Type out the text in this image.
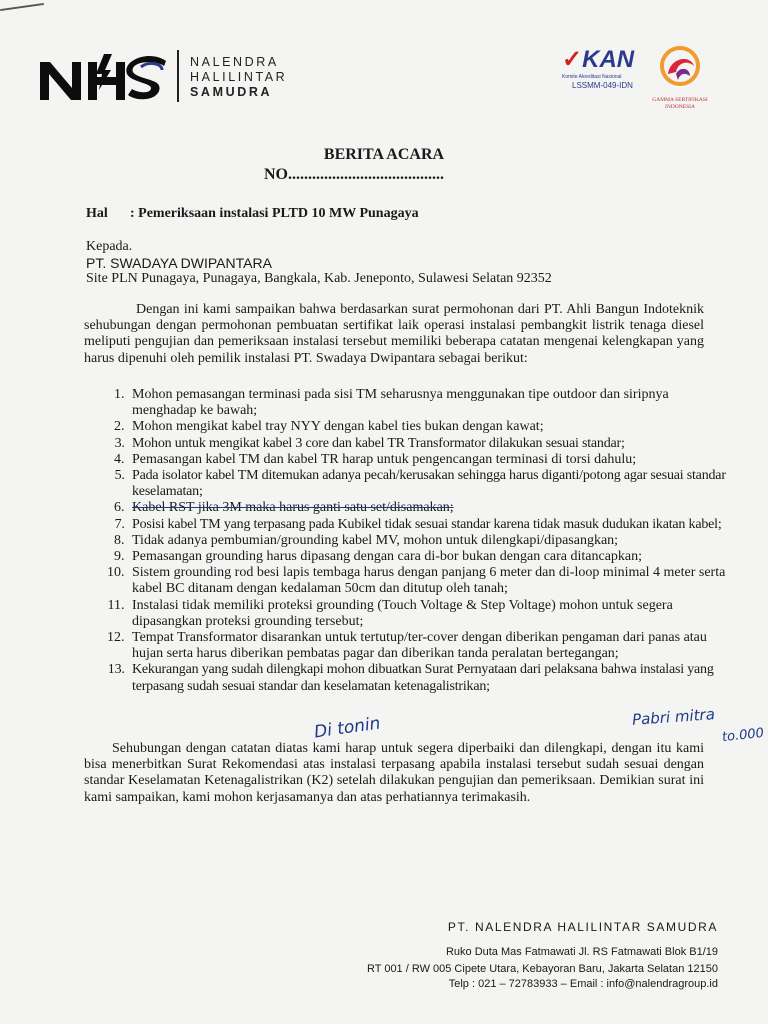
NALENDRA
HALILINTAR
SAMUDRA
✓KAN
Komite Akreditasi Nasional
LSSMM-049-IDN
GAMMA SERTIFIKASI
INDONESIA
BERITA ACARA
NO.......................................
Hal : Pemeriksaan instalasi PLTD 10 MW Punagaya
Kepada.
PT. SWADAYA DWIPANTARA
Site PLN Punagaya, Punagaya, Bangkala, Kab. Jeneponto, Sulawesi Selatan 92352
Dengan ini kami sampaikan bahwa berdasarkan surat permohonan dari PT. Ahli Bangun Indoteknik sehubungan dengan permohonan pembuatan sertifikat laik operasi instalasi pembangkit listrik tenaga diesel meliputi pengujian dan pemeriksaan instalasi tersebut memiliki beberapa catatan mengenai kelengkapan yang harus dipenuhi oleh pemilik instalasi PT. Swadaya Dwipantara sebagai berikut:
1. Mohon pemasangan terminasi pada sisi TM seharusnya menggunakan tipe outdoor dan siripnya menghadap ke bawah;
2. Mohon mengikat kabel tray NYY dengan kabel ties bukan dengan kawat;
3. Mohon untuk mengikat kabel 3 core dan kabel TR Transformator dilakukan sesuai standar;
4. Pemasangan kabel TM dan kabel TR harap untuk pengencangan terminasi di torsi dahulu;
5. Pada isolator kabel TM ditemukan adanya pecah/kerusakan sehingga harus diganti/potong agar sesuai standar keselamatan;
6. Kabel RST jika 3M maka harus ganti satu set/disamakan;
7. Posisi kabel TM yang terpasang pada Kubikel tidak sesuai standar karena tidak masuk dudukan ikatan kabel;
8. Tidak adanya pembumian/grounding kabel MV, mohon untuk dilengkapi/dipasangkan;
9. Pemasangan grounding harus dipasang dengan cara di-bor bukan dengan cara ditancapkan;
10. Sistem grounding rod besi lapis tembaga harus dengan panjang 6 meter dan di-loop minimal 4 meter serta kabel BC ditanam dengan kedalaman 50cm dan ditutup oleh tanah;
11. Instalasi tidak memiliki proteksi grounding (Touch Voltage & Step Voltage) mohon untuk segera dipasangkan proteksi grounding tersebut;
12. Tempat Transformator disarankan untuk tertutup/ter-cover dengan diberikan pengaman dari panas atau hujan serta harus diberikan pembatas pagar dan diberikan tanda peralatan bertegangan;
13. Kekurangan yang sudah dilengkapi mohon dibuatkan Surat Pernyataan dari pelaksana bahwa instalasi yang terpasang sudah sesuai standar dan keselamatan ketenagalistrikan;
Di tonin	Pabri mitra
to.000
Sehubungan dengan catatan diatas kami harap untuk segera diperbaiki dan dilengkapi, dengan itu kami bisa menerbitkan Surat Rekomendasi atas instalasi terpasang apabila instalasi tersebut sudah sesuai dengan standar Keselamatan Ketenagalistrikan (K2) setelah dilakukan pengujian dan pemeriksaan. Demikian surat ini kami sampaikan, kami mohon kerjasamanya dan atas perhatiannya terimakasih.
PT. NALENDRA HALILINTAR SAMUDRA
Ruko Duta Mas Fatmawati Jl. RS Fatmawati Blok B1/19
RT 001 / RW 005 Cipete Utara, Kebayoran Baru, Jakarta Selatan 12150
Telp : 021 – 72783933 – Email : info@nalendragroup.id
